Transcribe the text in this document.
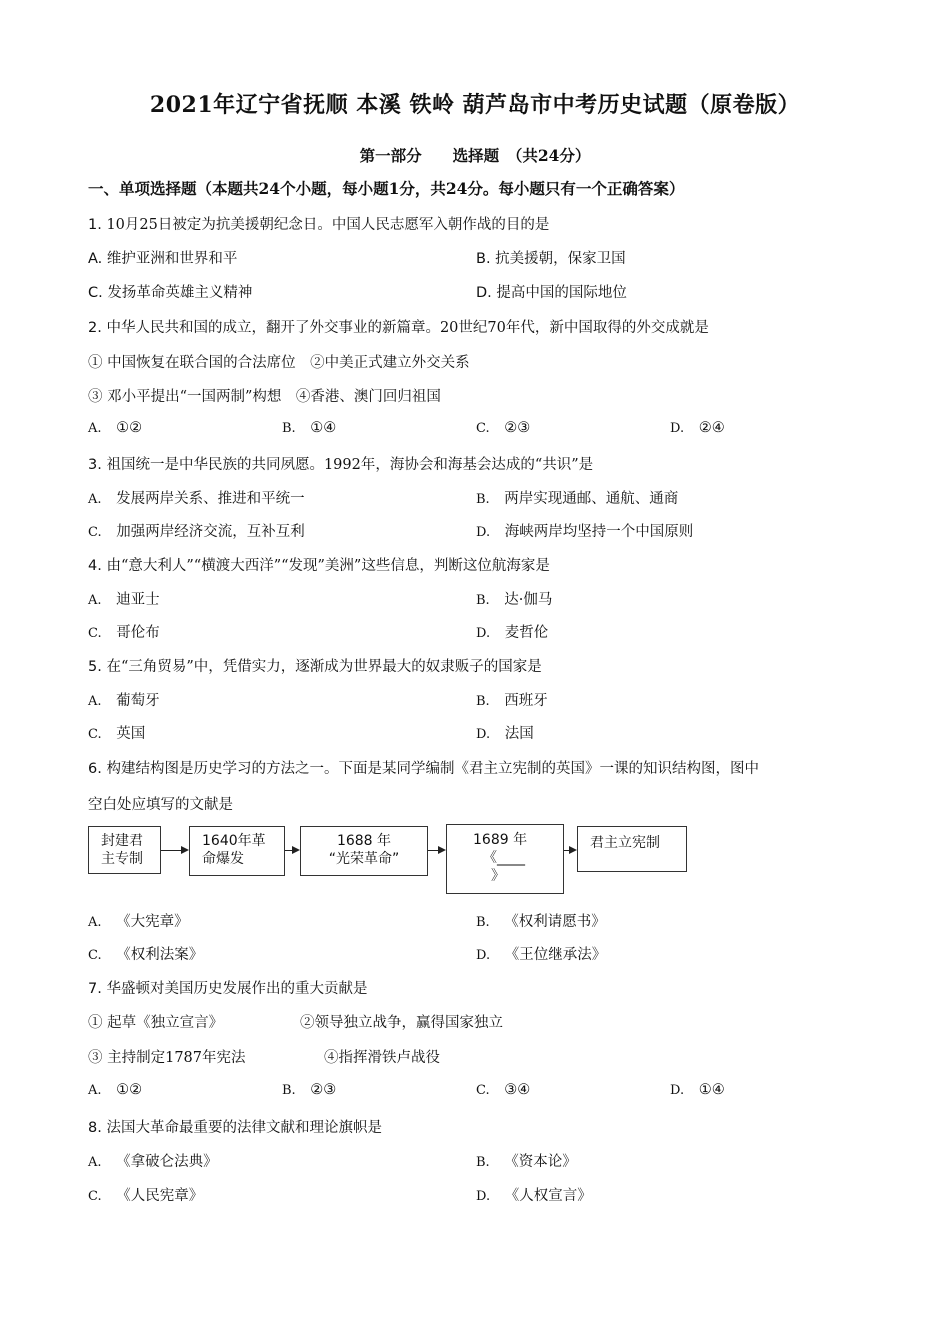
2021年辽宁省抚顺 本溪 铁岭 葫芦岛市中考历史试题（原卷版）
第一部分　　选择题　（共24分）
一、单项选择题（本题共24个小题，每小题1分，共24分。每小题只有一个正确答案）
1. 10月25日被定为抗美援朝纪念日。中国人民志愿军入朝作战的目的是
A. 维护亚洲和世界和平	B. 抗美援朝，保家卫国
C. 发扬革命英雄主义精神	D. 提高中国的国际地位
2. 中华人民共和国的成立，翻开了外交事业的新篇章。20世纪70年代，新中国取得的外交成就是
① 中国恢复在联合国的合法席位　②中美正式建立外交关系
③ 邓小平提出“一国两制”构想　④香港、澳门回归祖国
A. ①②	B. ①④	C. ②③	D. ②④
3. 祖国统一是中华民族的共同夙愿。1992年，海协会和海基会达成的“共识”是
A. 发展两岸关系、推进和平统一	B. 两岸实现通邮、通航、通商
C. 加强两岸经济交流，互补互利	D. 海峡两岸均坚持一个中国原则
4. 由“意大利人”“横渡大西洋”“发现”美洲”这些信息，判断这位航海家是
A. 迪亚士	B. 达·伽马
C. 哥伦布	D. 麦哲伦
5. 在“三角贸易”中，凭借实力，逐渐成为世界最大的奴隶贩子的国家是
A. 葡萄牙	B. 西班牙
C. 英国	D. 法国
6. 构建结构图是历史学习的方法之一。下面是某同学编制《君主立宪制的英国》一课的知识结构图，图中
空白处应填写的文献是
封建君
主专制
1640年革
命爆发
1688 年
“光荣革命”
1689 年
《____
》
君主立宪制
A. 《大宪章》	B. 《权利请愿书》
C. 《权利法案》	D. 《王位继承法》
7. 华盛顿对美国历史发展作出的重大贡献是
① 起草《独立宣言》	②领导独立战争，赢得国家独立
③ 主持制定1787年宪法	④指挥滑铁卢战役
A. ①②	B. ②③	C. ③④	D. ①④
8. 法国大革命最重要的法律文献和理论旗帜是
A. 《拿破仑法典》	B. 《资本论》
C. 《人民宪章》	D. 《人权宣言》
